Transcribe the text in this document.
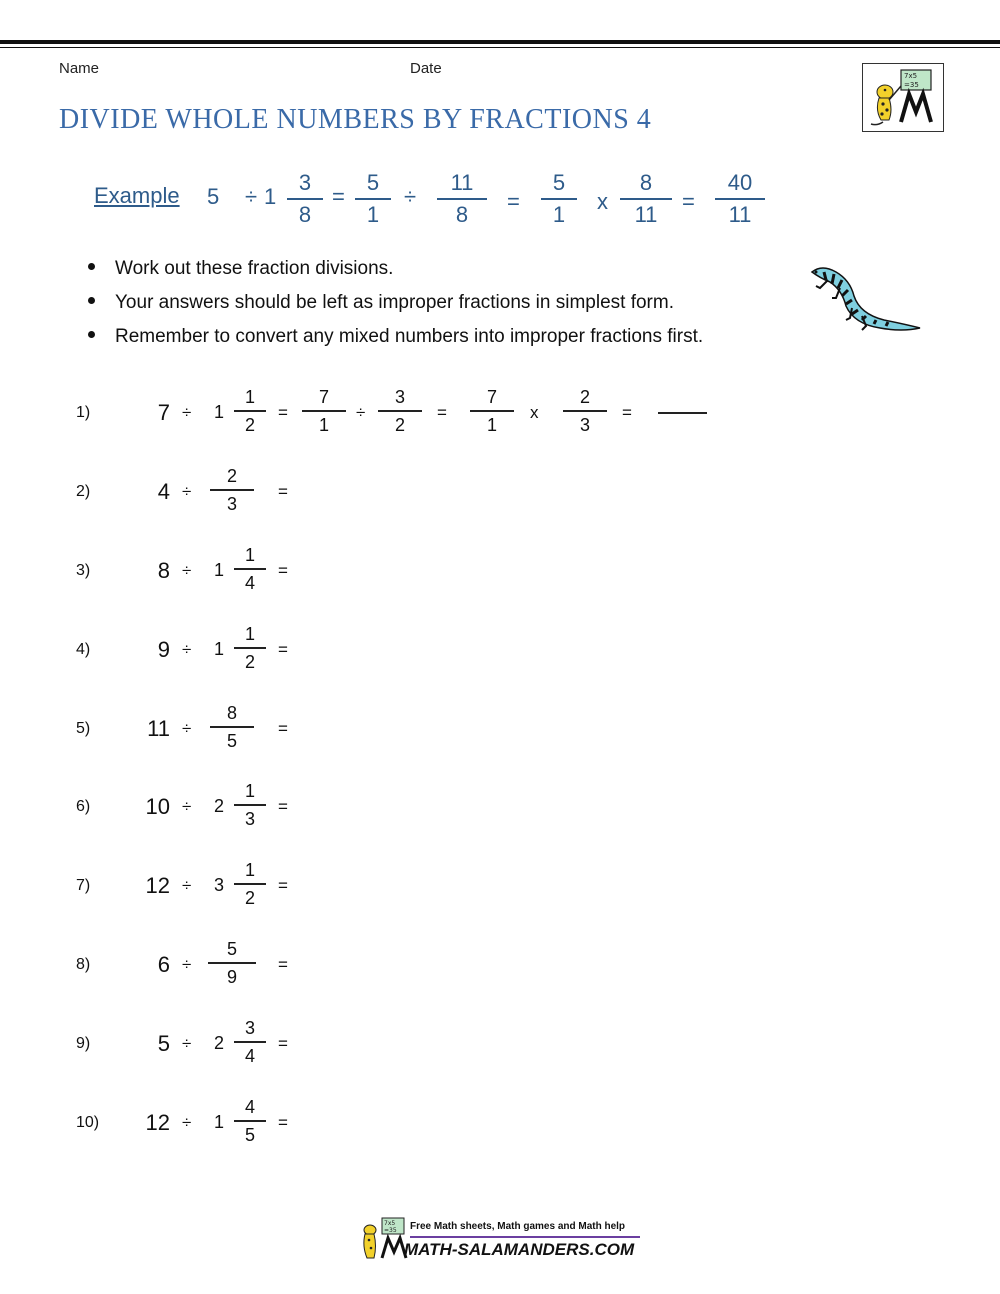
Name	Date	7x5
=35
DIVIDE WHOLE NUMBERS BY FRACTIONS 4
Example 5 ÷ 1
3
8
=
5
1
÷
11
8	=
5
1	x
8
11	=
40
11
Work out these fraction divisions.
Your answers should be left as improper fractions in simplest form.
Remember to convert any mixed numbers into improper fractions first.
1)	7 ÷ 1
1
2
=
7
1
÷
3
2
=
7
1
x
2
3
=
2)	4 ÷
2
3
=
3)	8 ÷ 1
1
4
=
4)	9 ÷ 1
1
2
=
5)	11 ÷
8
5
=
6)	10 ÷ 2
1
3
=
7)	12 ÷ 3
1
2
=
8)	6 ÷
5
9
=
9)	5 ÷ 2
3
4
=
10)	12 ÷ 1
4
5
=
7x5
=35 Free Math sheets, Math games and Math help
MATH-SALAMANDERS.COM
